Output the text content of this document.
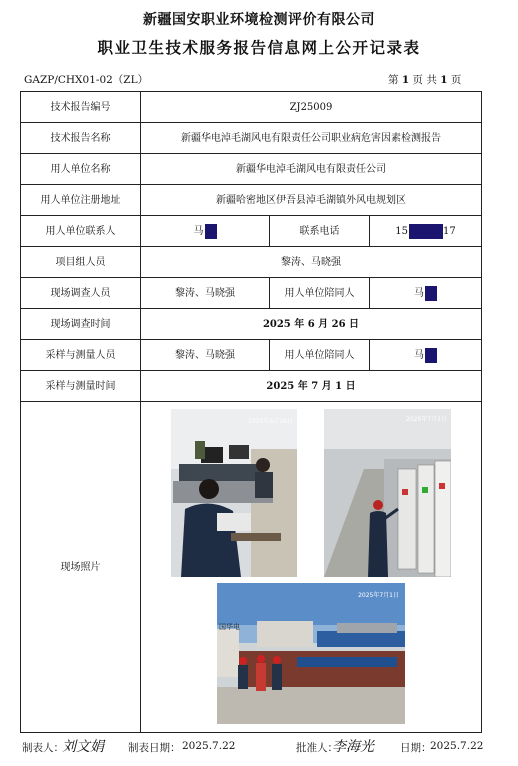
新疆国安职业环境检测评价有限公司
职业卫生技术服务报告信息网上公开记录表
GAZP/CHX01-02（ZL）	第 1 页 共 1 页
技术报告编号	ZJ25009		
技术报告名称	新疆华电淖毛湖风电有限责任公司职业病危害因素检测报告		
用人单位名称	新疆华电淖毛湖风电有限责任公司		
用人单位注册地址	新疆哈密地区伊吾县淖毛湖镇外风电规划区		
用人单位联系人	马	联系电话	15 17
项目组人员	黎涛、马晓强		
现场调查人员	黎涛、马晓强	用人单位陪同人	马
现场调查时间	2025 年 6 月 26 日		
采样与测量人员	黎涛、马晓强	用人单位陪同人	马
采样与测量时间	2025 年 7 月 1 日		
现场照片	2025年6月26日 2025年7月1日
国华电
2025年7月1日		
制表人：
刘文娟 制表日期： 2025.7.22	批准人：
李海光 日期：
2025.7.22
